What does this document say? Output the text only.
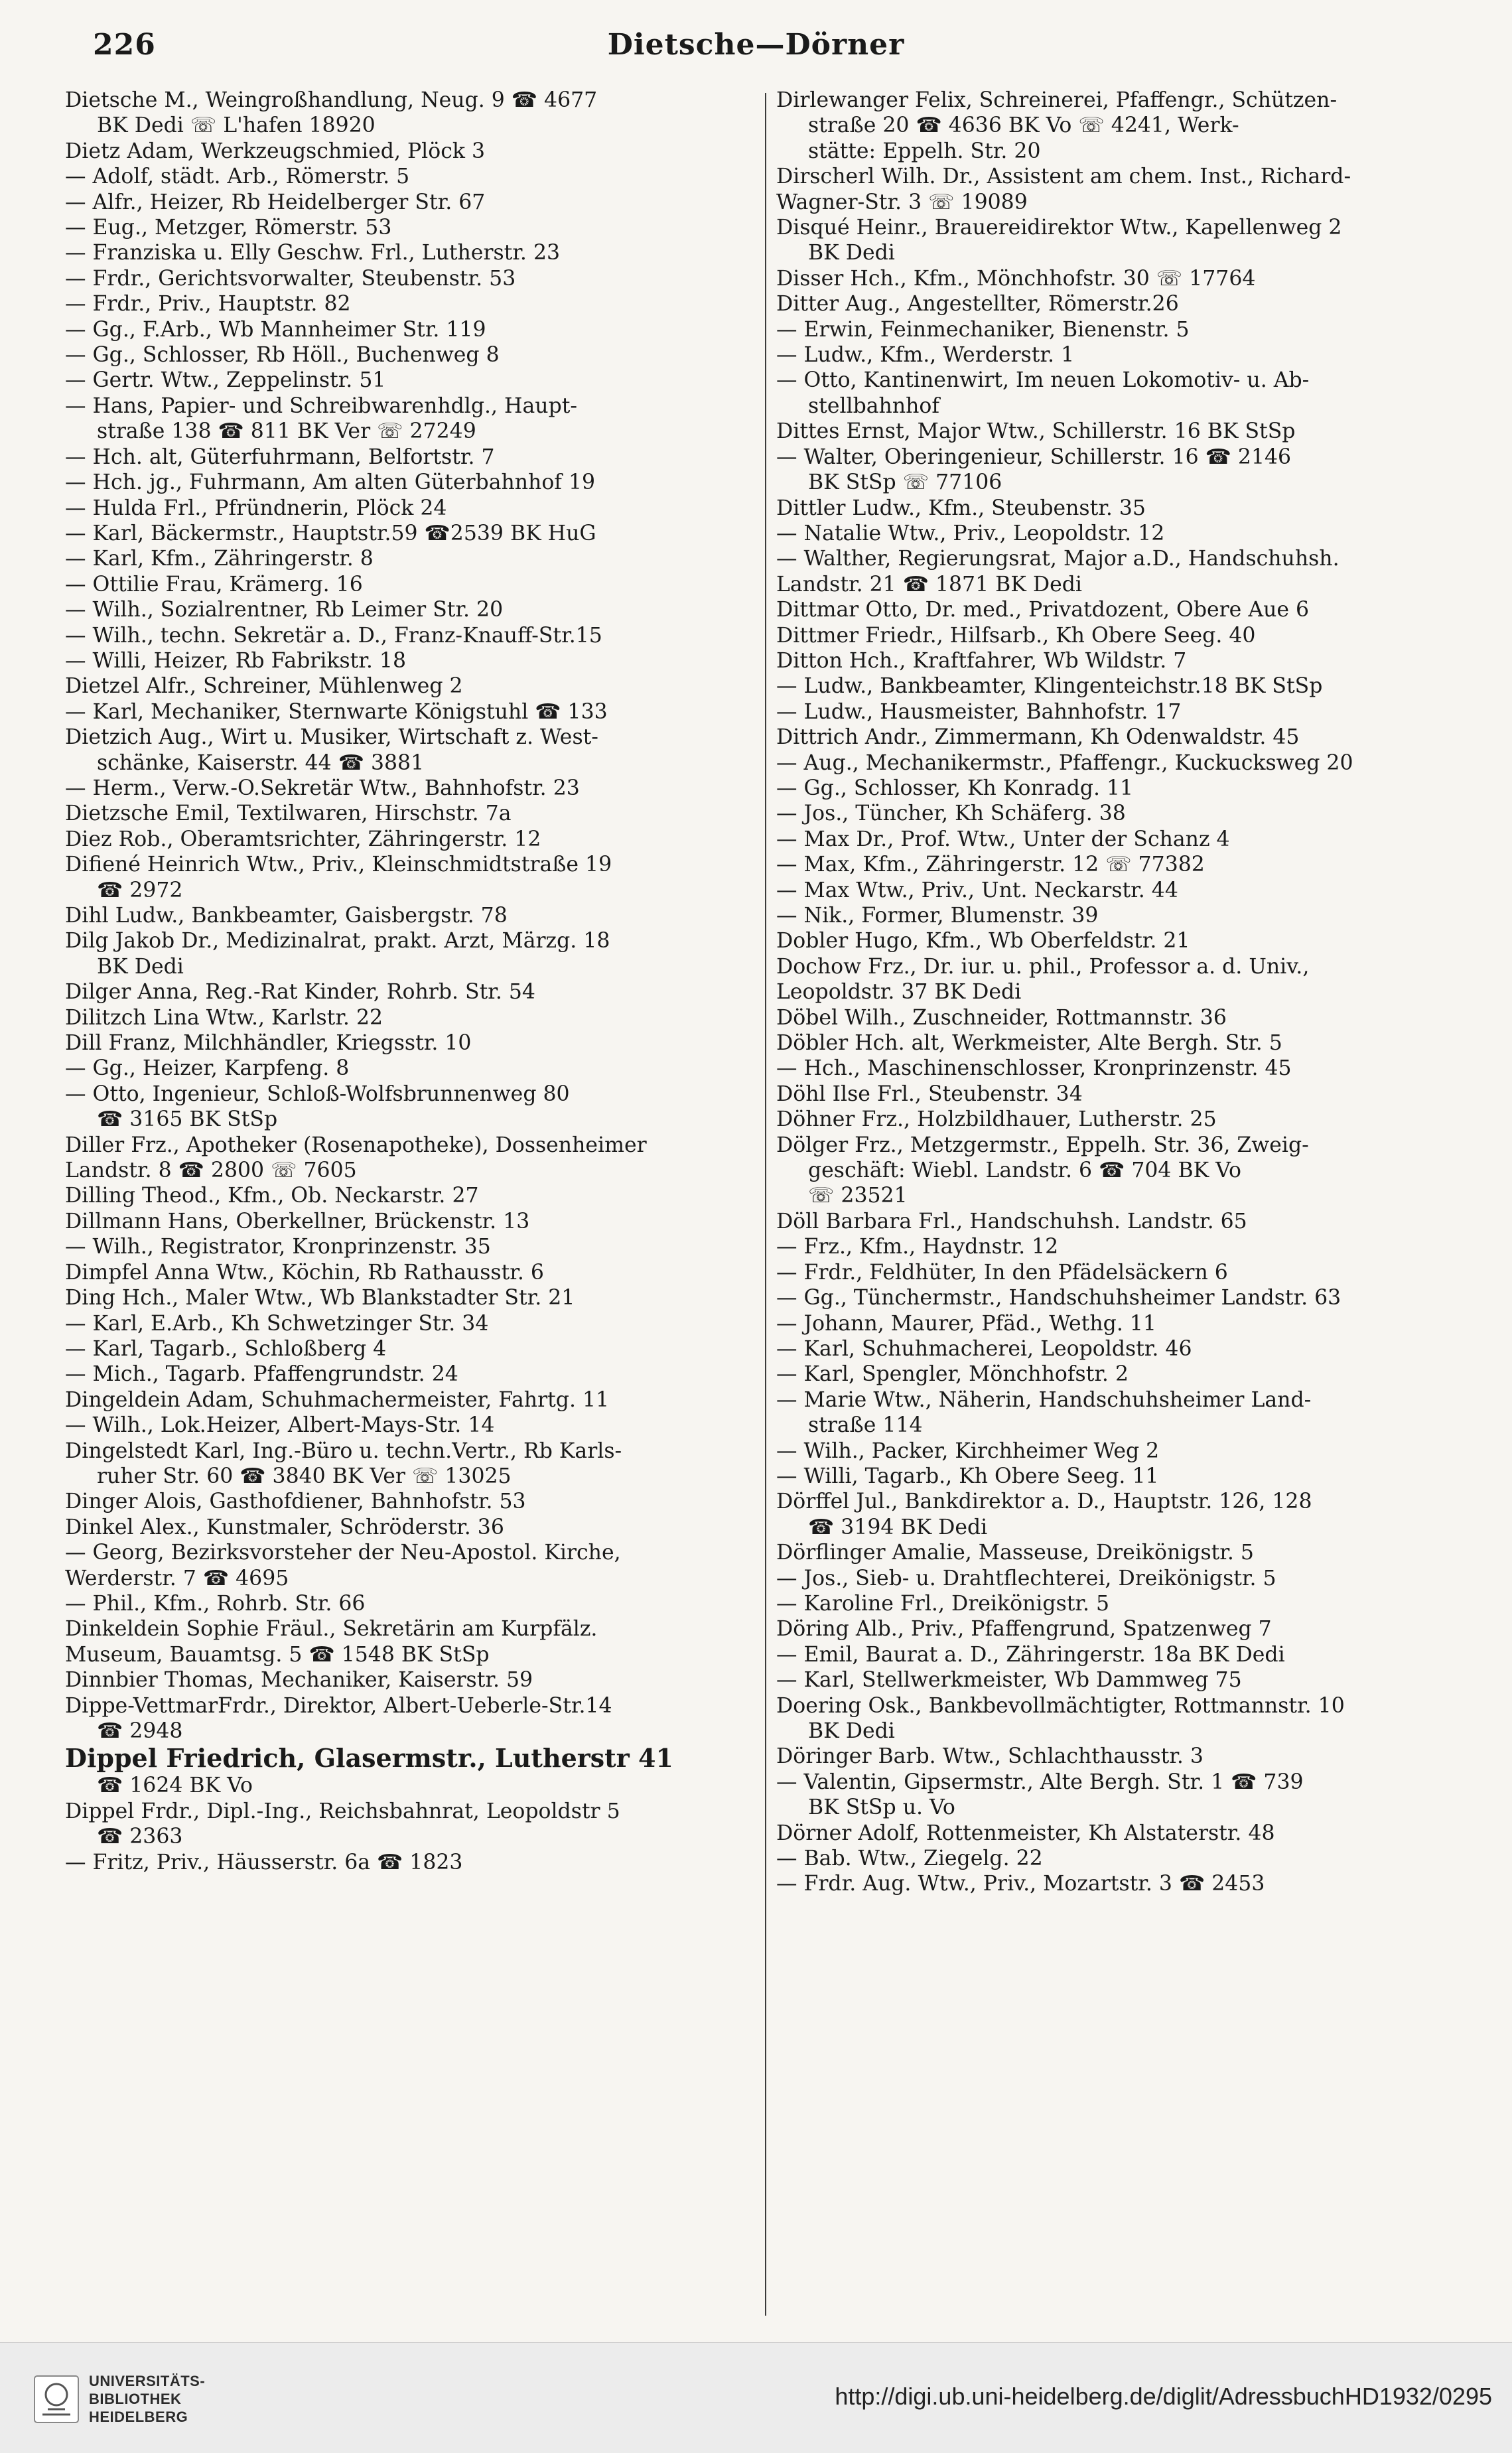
226	Dietsche—Dörner
Dietsche M., Weingroßhandlung, Neug. 9 ☎ 4677
BK Dedi ☏ L'hafen 18920
Dietz Adam, Werkzeugschmied, Plöck 3
— Adolf, städt. Arb., Römerstr. 5
— Alfr., Heizer, Rb Heidelberger Str. 67
— Eug., Metzger, Römerstr. 53
— Franziska u. Elly Geschw. Frl., Lutherstr. 23
— Frdr., Gerichtsvorwalter, Steubenstr. 53
— Frdr., Priv., Hauptstr. 82
— Gg., F.Arb., Wb Mannheimer Str. 119
— Gg., Schlosser, Rb Höll., Buchenweg 8
— Gertr. Wtw., Zeppelinstr. 51
— Hans, Papier- und Schreibwarenhdlg., Haupt-
straße 138 ☎ 811 BK Ver ☏ 27249
— Hch. alt, Güterfuhrmann, Belfortstr. 7
— Hch. jg., Fuhrmann, Am alten Güterbahnhof 19
— Hulda Frl., Pfründnerin, Plöck 24
— Karl, Bäckermstr., Hauptstr.59 ☎2539 BK HuG
— Karl, Kfm., Zähringerstr. 8
— Ottilie Frau, Krämerg. 16
— Wilh., Sozialrentner, Rb Leimer Str. 20
— Wilh., techn. Sekretär a. D., Franz-Knauff-Str.15
— Willi, Heizer, Rb Fabrikstr. 18
Dietzel Alfr., Schreiner, Mühlenweg 2
— Karl, Mechaniker, Sternwarte Königstuhl ☎ 133
Dietzich Aug., Wirt u. Musiker, Wirtschaft z. West-
schänke, Kaiserstr. 44 ☎ 3881
— Herm., Verw.-O.Sekretär Wtw., Bahnhofstr. 23
Dietzsche Emil, Textilwaren, Hirschstr. 7a
Diez Rob., Oberamtsrichter, Zähringerstr. 12
Difiené Heinrich Wtw., Priv., Kleinschmidtstraße 19
☎ 2972
Dihl Ludw., Bankbeamter, Gaisbergstr. 78
Dilg Jakob Dr., Medizinalrat, prakt. Arzt, Märzg. 18
BK Dedi
Dilger Anna, Reg.-Rat Kinder, Rohrb. Str. 54
Dilitzch Lina Wtw., Karlstr. 22
Dill Franz, Milchhändler, Kriegsstr. 10
— Gg., Heizer, Karpfeng. 8
— Otto, Ingenieur, Schloß-Wolfsbrunnenweg 80
☎ 3165 BK StSp
Diller Frz., Apotheker (Rosenapotheke), Dossenheimer
Landstr. 8 ☎ 2800 ☏ 7605
Dilling Theod., Kfm., Ob. Neckarstr. 27
Dillmann Hans, Oberkellner, Brückenstr. 13
— Wilh., Registrator, Kronprinzenstr. 35
Dimpfel Anna Wtw., Köchin, Rb Rathausstr. 6
Ding Hch., Maler Wtw., Wb Blankstadter Str. 21
— Karl, E.Arb., Kh Schwetzinger Str. 34
— Karl, Tagarb., Schloßberg 4
— Mich., Tagarb. Pfaffengrundstr. 24
Dingeldein Adam, Schuhmachermeister, Fahrtg. 11
— Wilh., Lok.Heizer, Albert-Mays-Str. 14
Dingelstedt Karl, Ing.-Büro u. techn.Vertr., Rb Karls-
ruher Str. 60 ☎ 3840 BK Ver ☏ 13025
Dinger Alois, Gasthofdiener, Bahnhofstr. 53
Dinkel Alex., Kunstmaler, Schröderstr. 36
— Georg, Bezirksvorsteher der Neu-Apostol. Kirche,
Werderstr. 7 ☎ 4695
— Phil., Kfm., Rohrb. Str. 66
Dinkeldein Sophie Fräul., Sekretärin am Kurpfälz.
Museum, Bauamtsg. 5 ☎ 1548 BK StSp
Dinnbier Thomas, Mechaniker, Kaiserstr. 59
Dippe-VettmarFrdr., Direktor, Albert-Ueberle-Str.14
☎ 2948
Dippel Friedrich, Glasermstr., Lutherstr 41
☎ 1624 BK Vo
Dippel Frdr., Dipl.-Ing., Reichsbahnrat, Leopoldstr 5
☎ 2363
— Fritz, Priv., Häusserstr. 6a ☎ 1823
Dirlewanger Felix, Schreinerei, Pfaffengr., Schützen-
straße 20 ☎ 4636 BK Vo ☏ 4241, Werk-
stätte: Eppelh. Str. 20
Dirscherl Wilh. Dr., Assistent am chem. Inst., Richard-
Wagner-Str. 3 ☏ 19089
Disqué Heinr., Brauereidirektor Wtw., Kapellenweg 2
BK Dedi
Disser Hch., Kfm., Mönchhofstr. 30 ☏ 17764
Ditter Aug., Angestellter, Römerstr.26
— Erwin, Feinmechaniker, Bienenstr. 5
— Ludw., Kfm., Werderstr. 1
— Otto, Kantinenwirt, Im neuen Lokomotiv- u. Ab-
stellbahnhof
Dittes Ernst, Major Wtw., Schillerstr. 16 BK StSp
— Walter, Oberingenieur, Schillerstr. 16 ☎ 2146
BK StSp ☏ 77106
Dittler Ludw., Kfm., Steubenstr. 35
— Natalie Wtw., Priv., Leopoldstr. 12
— Walther, Regierungsrat, Major a.D., Handschuhsh.
Landstr. 21 ☎ 1871 BK Dedi
Dittmar Otto, Dr. med., Privatdozent, Obere Aue 6
Dittmer Friedr., Hilfsarb., Kh Obere Seeg. 40
Ditton Hch., Kraftfahrer, Wb Wildstr. 7
— Ludw., Bankbeamter, Klingenteichstr.18 BK StSp
— Ludw., Hausmeister, Bahnhofstr. 17
Dittrich Andr., Zimmermann, Kh Odenwaldstr. 45
— Aug., Mechanikermstr., Pfaffengr., Kuckucksweg 20
— Gg., Schlosser, Kh Konradg. 11
— Jos., Tüncher, Kh Schäferg. 38
— Max Dr., Prof. Wtw., Unter der Schanz 4
— Max, Kfm., Zähringerstr. 12 ☏ 77382
— Max Wtw., Priv., Unt. Neckarstr. 44
— Nik., Former, Blumenstr. 39
Dobler Hugo, Kfm., Wb Oberfeldstr. 21
Dochow Frz., Dr. iur. u. phil., Professor a. d. Univ.,
Leopoldstr. 37 BK Dedi
Döbel Wilh., Zuschneider, Rottmannstr. 36
Döbler Hch. alt, Werkmeister, Alte Bergh. Str. 5
— Hch., Maschinenschlosser, Kronprinzenstr. 45
Döhl Ilse Frl., Steubenstr. 34
Döhner Frz., Holzbildhauer, Lutherstr. 25
Dölger Frz., Metzgermstr., Eppelh. Str. 36, Zweig-
geschäft: Wiebl. Landstr. 6 ☎ 704 BK Vo
☏ 23521
Döll Barbara Frl., Handschuhsh. Landstr. 65
— Frz., Kfm., Haydnstr. 12
— Frdr., Feldhüter, In den Pfädelsäckern 6
— Gg., Tünchermstr., Handschuhsheimer Landstr. 63
— Johann, Maurer, Pfäd., Wethg. 11
— Karl, Schuhmacherei, Leopoldstr. 46
— Karl, Spengler, Mönchhofstr. 2
— Marie Wtw., Näherin, Handschuhsheimer Land-
straße 114
— Wilh., Packer, Kirchheimer Weg 2
— Willi, Tagarb., Kh Obere Seeg. 11
Dörffel Jul., Bankdirektor a. D., Hauptstr. 126, 128
☎ 3194 BK Dedi
Dörflinger Amalie, Masseuse, Dreikönigstr. 5
— Jos., Sieb- u. Drahtflechterei, Dreikönigstr. 5
— Karoline Frl., Dreikönigstr. 5
Döring Alb., Priv., Pfaffengrund, Spatzenweg 7
— Emil, Baurat a. D., Zähringerstr. 18a BK Dedi
— Karl, Stellwerkmeister, Wb Dammweg 75
Doering Osk., Bankbevollmächtigter, Rottmannstr. 10
BK Dedi
Döringer Barb. Wtw., Schlachthausstr. 3
— Valentin, Gipsermstr., Alte Bergh. Str. 1 ☎ 739
BK StSp u. Vo
Dörner Adolf, Rottenmeister, Kh Alstaterstr. 48
— Bab. Wtw., Ziegelg. 22
— Frdr. Aug. Wtw., Priv., Mozartstr. 3 ☎ 2453
UNIVERSITÄTS-
BIBLIOTHEK
HEIDELBERG
http://digi.ub.uni-heidelberg.de/diglit/AdressbuchHD1932/0295
